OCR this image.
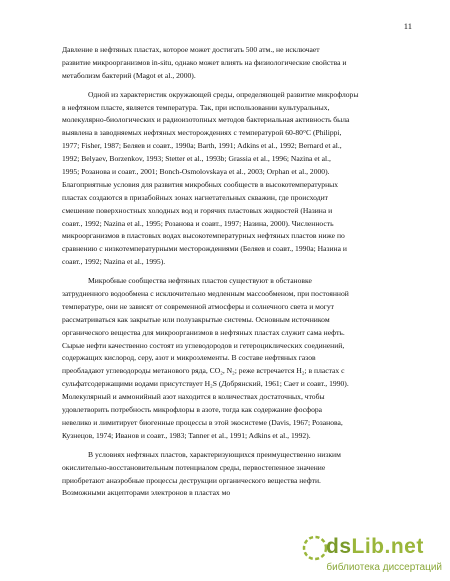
11
Давление в нефтяных пластах, которое может достигать 500 атм., не исключает
развитие микроорганизмов in-situ, однако может влиять на физиологические свойства и
метаболизм бактерий (Magot et al., 2000).
Одной из характеристик окружающей среды, определяющей развитие микрофлоры
в нефтяном пласте, является температура. Так, при использовании культуральных,
молекулярно-биологических и радиоизотопных методов бактериальная активность была
выявлена в заводняемых нефтяных месторождениях с температурой 60-80°С (Philippi,
1977; Fisher, 1987; Беляев и соавт., 1990а; Barth, 1991; Adkins et al., 1992; Bernard et al.,
1992; Belyaev, Borzenkov, 1993; Stetter et al., 1993b; Grassia et al., 1996; Nazina et al.,
1995; Розанова и соавт., 2001; Bonch-Osmolovskaya et al., 2003; Orphan et al., 2000).
Благоприятные условия для развития микробных сообществ в высокотемпературных
пластах создаются в призабойных зонах нагнетательных скважин, где происходит
смешение поверхностных холодных вод и горячих пластовых жидкостей (Назина и
соавт., 1992; Nazina et al., 1995; Розанова и соавт., 1997; Назина, 2000). Численность
микроорганизмов в пластовых водах высокотемпературных нефтяных пластов ниже по
сравнению с низкотемпературными месторождениями (Беляев и соавт., 1990а; Назина и
соавт., 1992; Nazina et al., 1995).
Микробные сообщества нефтяных пластов существуют в обстановке
затрудненного водообмена с исключительно медленным массообменом, при постоянной
температуре, они не зависят от современной атмосферы и солнечного света и могут
рассматриваться как закрытые или полузакрытые системы. Основным источником
органического вещества для микроорганизмов в нефтяных пластах служит сама нефть.
Сырые нефти качественно состоят из углеводородов и гетероциклических соединений,
содержащих кислород, серу, азот и микроэлементы. В составе нефтяных газов
преобладают углеводороды метанового ряда, CO₂, N₂; реже встречается H₂; в пластах с
сульфатсодержащими водами присутствует H₂S (Добрянский, 1961; Сает и соавт., 1990).
Молекулярный и аммонийный азот находится в количествах достаточных, чтобы
удовлетворить потребность микрофлоры в азоте, тогда как содержание фосфора
невелико и лимитирует биогенные процессы в этой экосистеме (Davis, 1967; Розанова,
Кузнецов, 1974; Иванов и соавт., 1983; Tanner et al., 1991; Adkins et al., 1992).
В условиях нефтяных пластов, характеризующихся преимущественно низким
окислительно-восстановительным потенциалом среды, первостепенное значение
приобретают анаэробные процессы деструкции органического вещества нефти.
Возможными акцепторами электронов в пластах мо
dsLib.net
библиотека диссертаций
